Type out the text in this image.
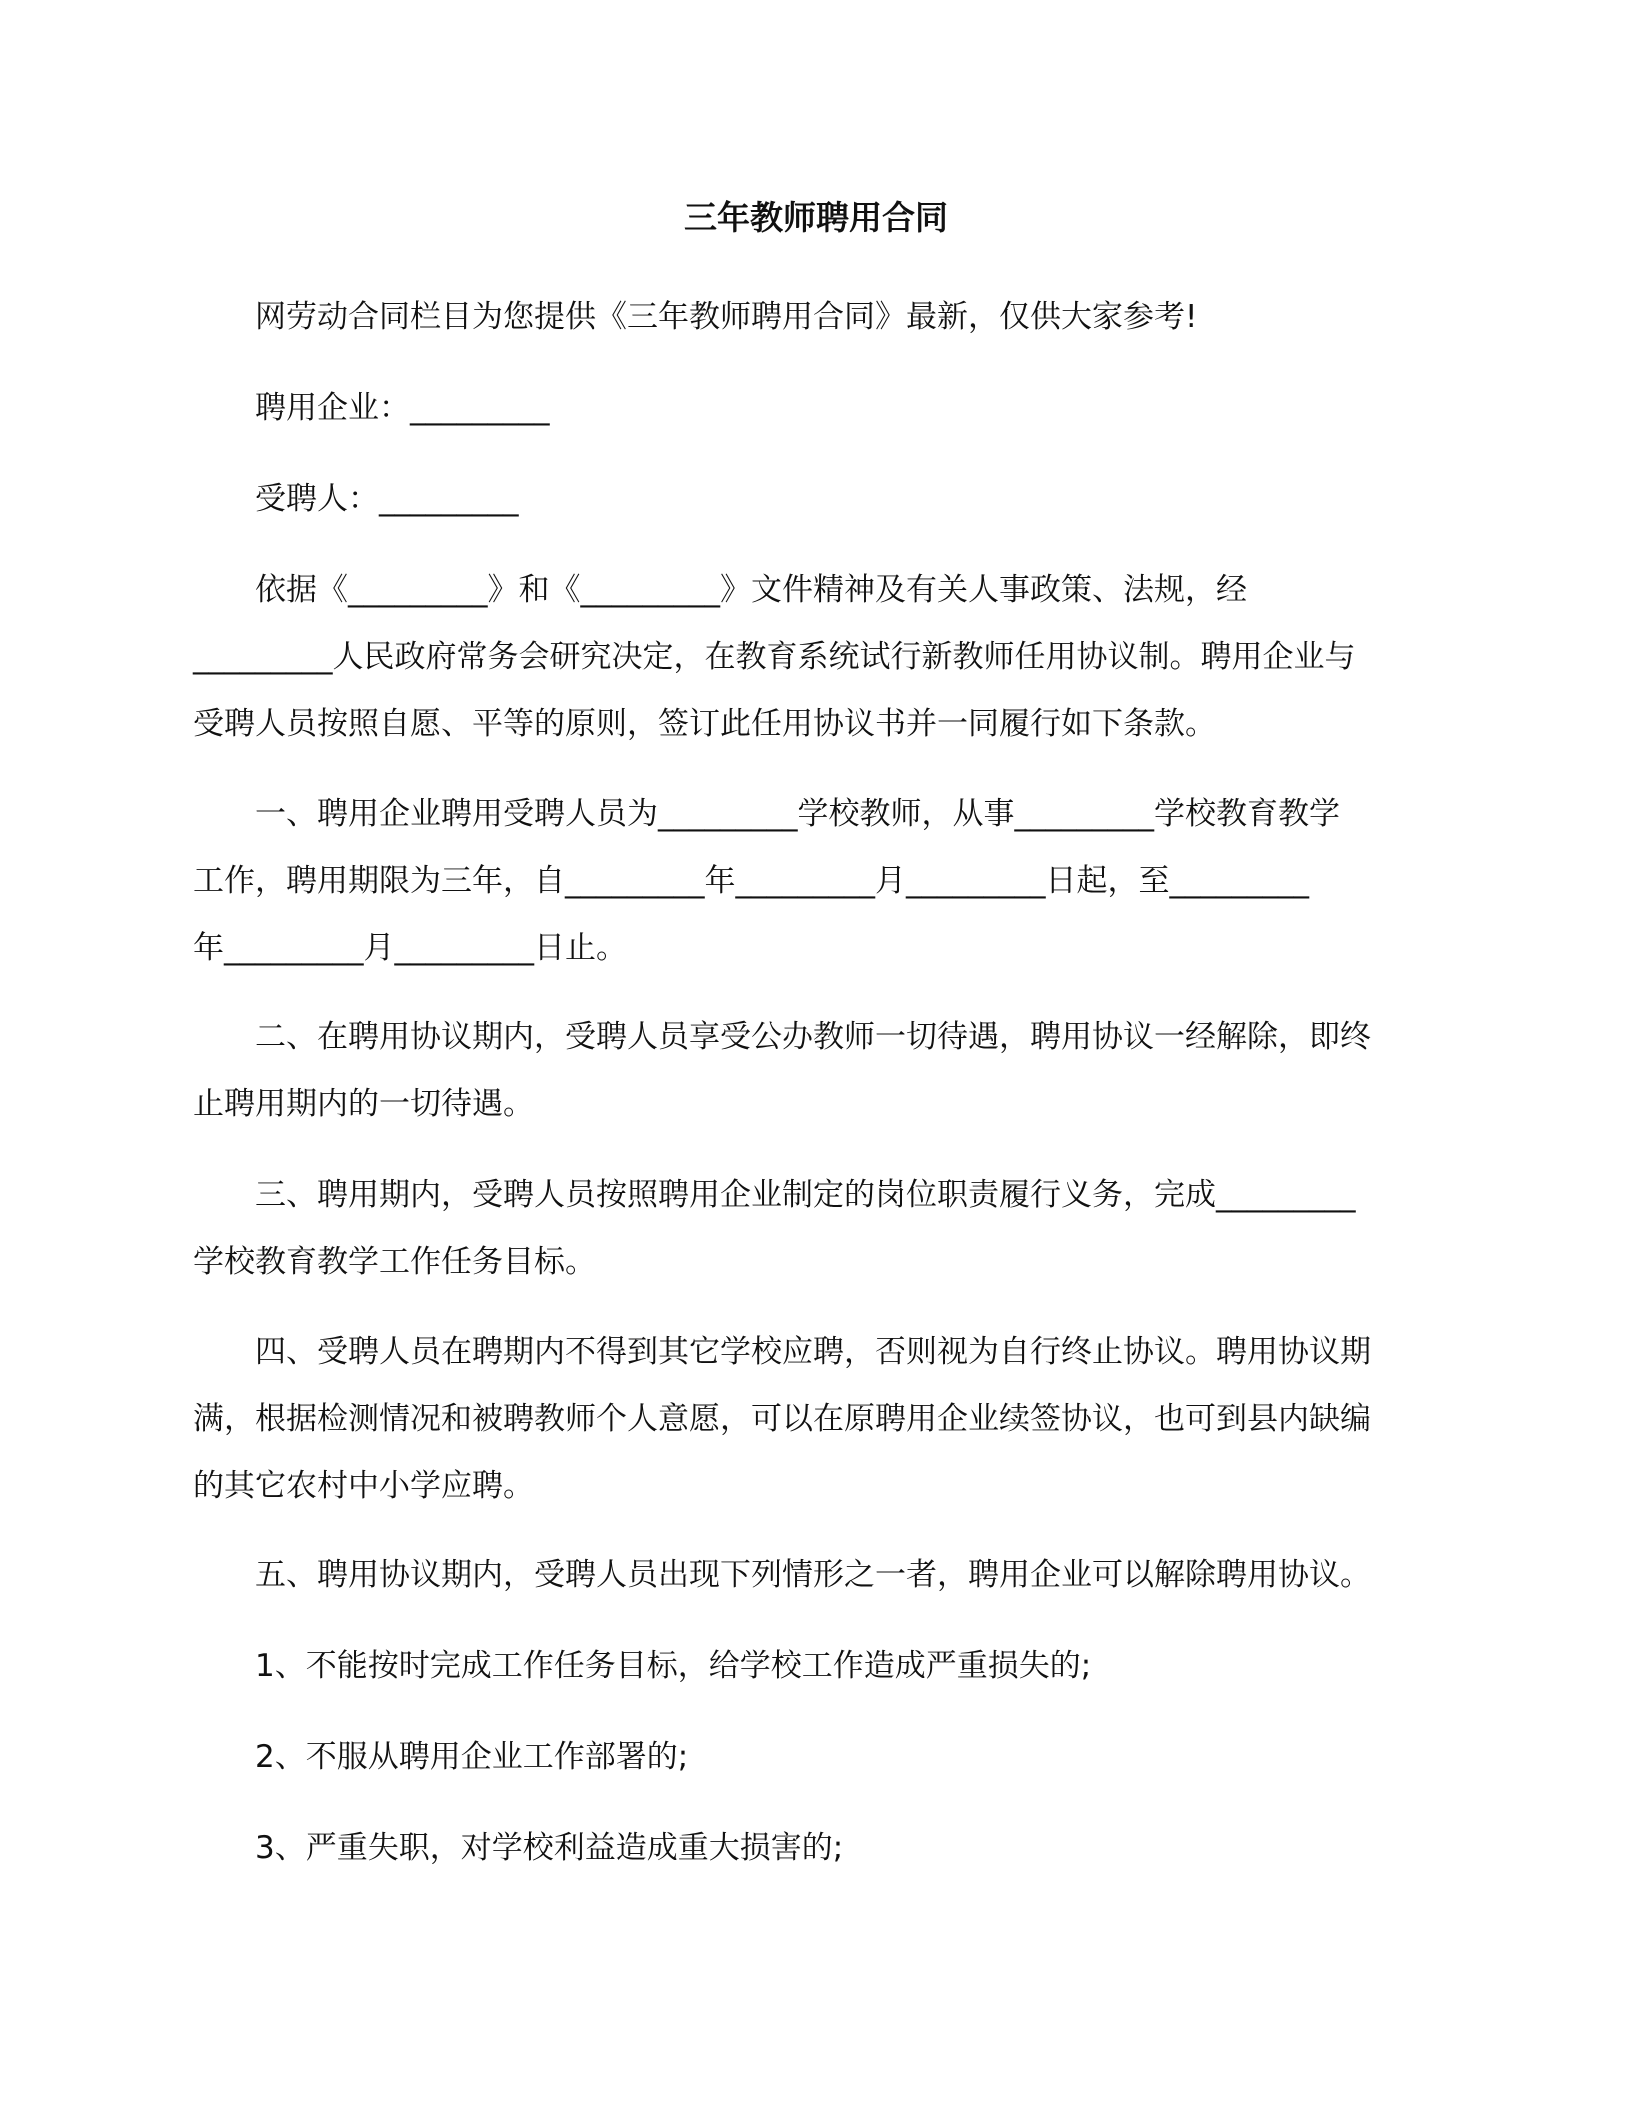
三年教师聘用合同
网劳动合同栏目为您提供《三年教师聘用合同》最新，仅供大家参考!
聘用企业：_________
受聘人：_________
依据《_________》和《_________》文件精神及有关人事政策、法规，经
_________人民政府常务会研究决定，在教育系统试行新教师任用协议制。聘用企业与
受聘人员按照自愿、平等的原则，签订此任用协议书并一同履行如下条款。
一、聘用企业聘用受聘人员为_________学校教师，从事_________学校教育教学
工作，聘用期限为三年，自_________年_________月_________日起，至_________
年_________月_________日止。
二、在聘用协议期内，受聘人员享受公办教师一切待遇，聘用协议一经解除，即终
止聘用期内的一切待遇。
三、聘用期内，受聘人员按照聘用企业制定的岗位职责履行义务，完成_________
学校教育教学工作任务目标。
四、受聘人员在聘期内不得到其它学校应聘，否则视为自行终止协议。聘用协议期
满，根据检测情况和被聘教师个人意愿，可以在原聘用企业续签协议，也可到县内缺编
的其它农村中小学应聘。
五、聘用协议期内，受聘人员出现下列情形之一者，聘用企业可以解除聘用协议。
1、不能按时完成工作任务目标，给学校工作造成严重损失的;
2、不服从聘用企业工作部署的;
3、严重失职，对学校利益造成重大损害的;
